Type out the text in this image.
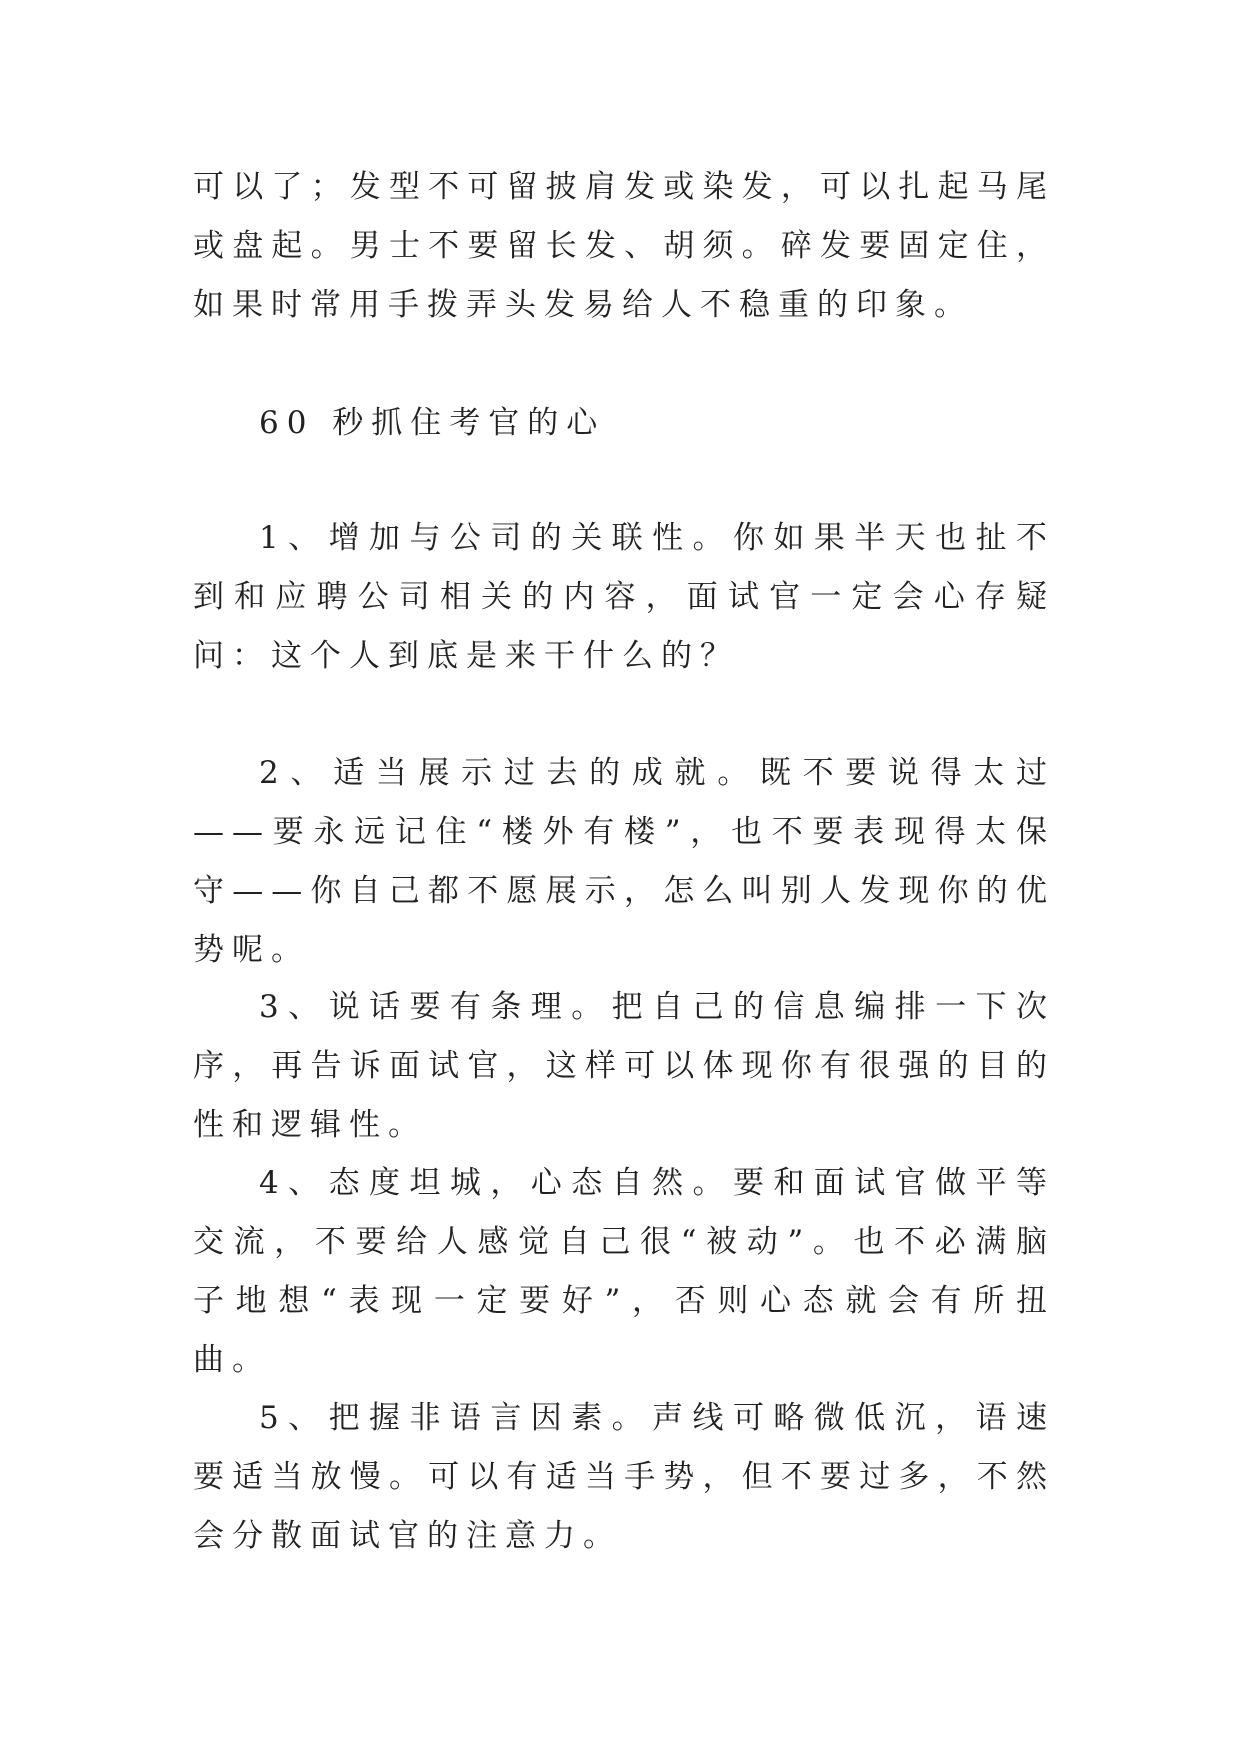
可以了；发型不可留披肩发或染发，可以扎起马尾或盘起。男士不要留长发、胡须。碎发要固定住，如果时常用手拨弄头发易给人不稳重的印象。

60 秒抓住考官的心

1、增加与公司的关联性。你如果半天也扯不到和应聘公司相关的内容，面试官一定会心存疑问：这个人到底是来干什么的？

2、适当展示过去的成就。既不要说得太过——要永远记住“楼外有楼”，也不要表现得太保守——你自己都不愿展示，怎么叫别人发现你的优势呢。

3、说话要有条理。把自己的信息编排一下次序，再告诉面试官，这样可以体现你有很强的目的性和逻辑性。

4、态度坦城，心态自然。要和面试官做平等交流，不要给人感觉自己很“被动”。也不必满脑子地想“表现一定要好”，否则心态就会有所扭曲。

5、把握非语言因素。声线可略微低沉，语速要适当放慢。可以有适当手势，但不要过多，不然会分散面试官的注意力。
